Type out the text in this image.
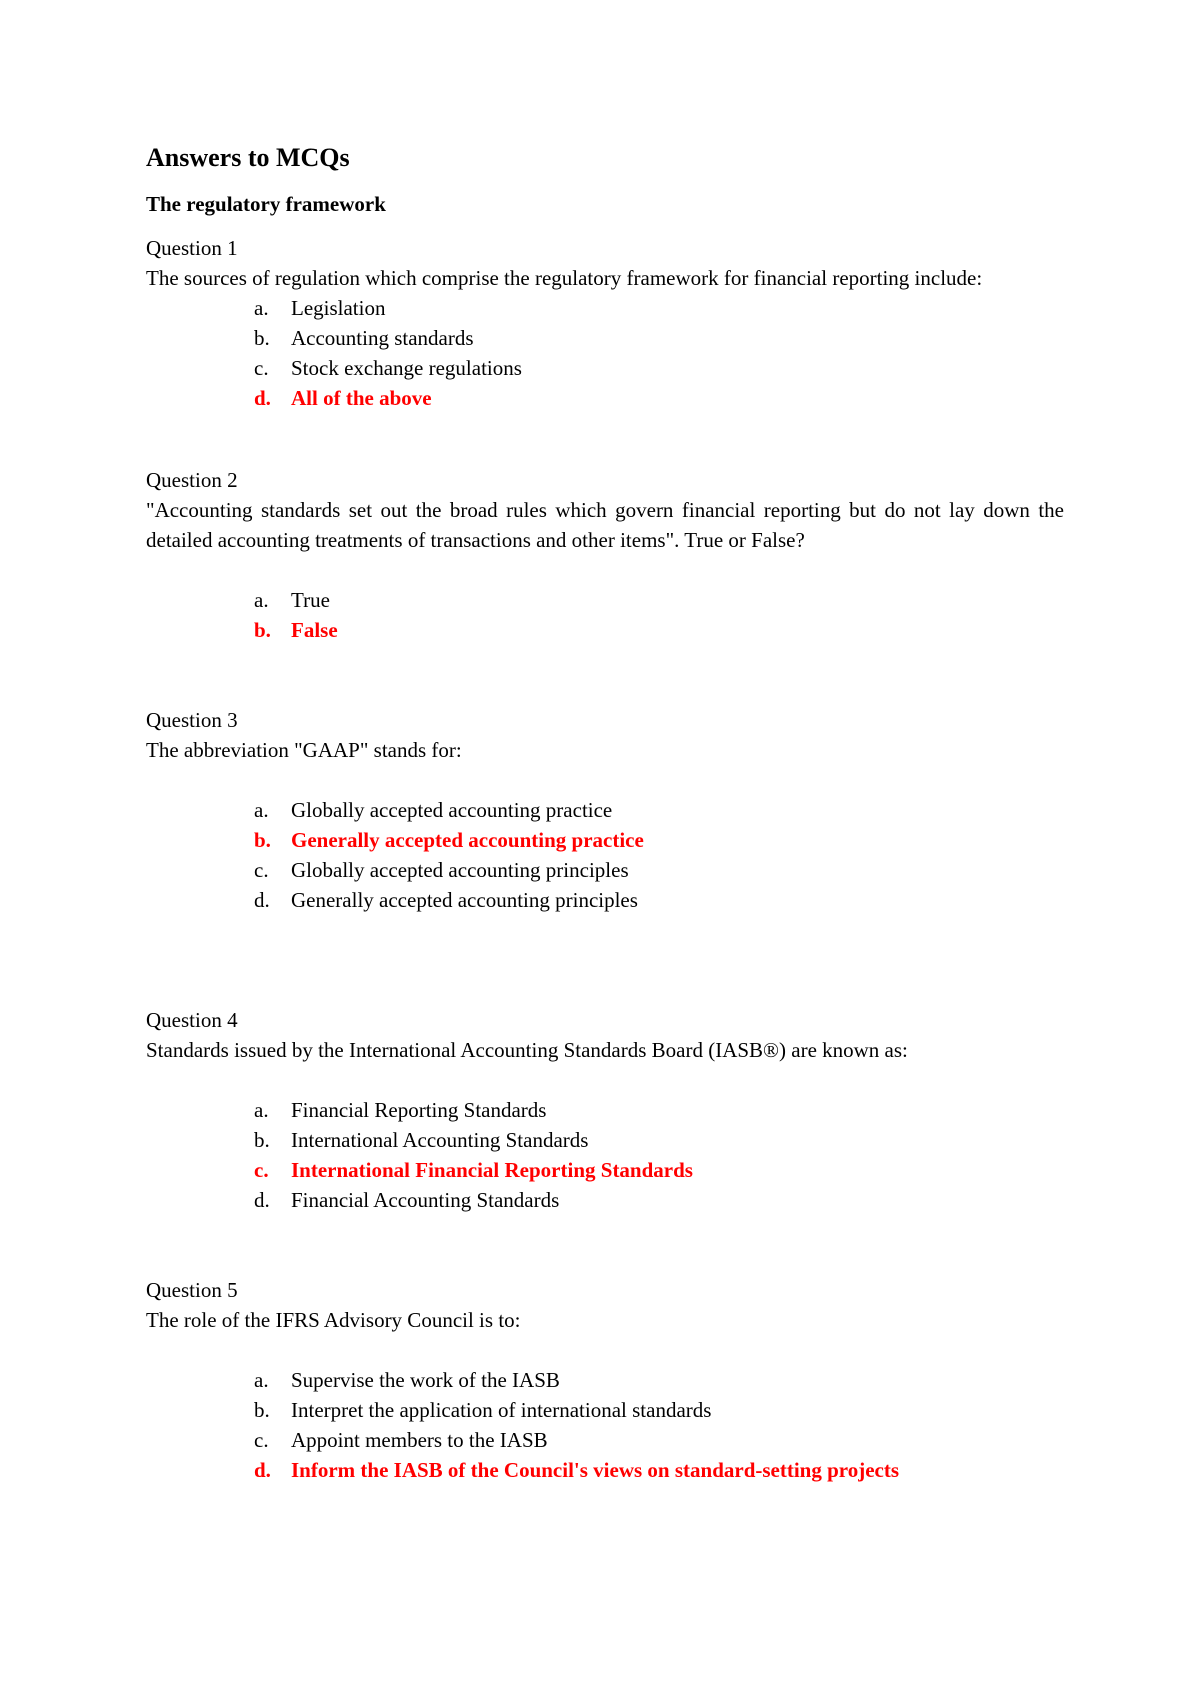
Answers to MCQs
The regulatory framework

Question 1

The sources of regulation which comprise the regulatory framework for financial reporting include:

a.	Legislation
b.	Accounting standards
c.	Stock exchange regulations
d. All of the above

Question 2

"Accounting standards set out the broad rules which govern financial reporting but do not lay down the detailed accounting treatments of transactions and other items". True or False?

a.	True
b. False

Question 3

The abbreviation "GAAP" stands for:

a.	Globally accepted accounting practice
b. Generally accepted accounting practice
c.	Globally accepted accounting principles
d.	Generally accepted accounting principles

Question 4

Standards issued by the International Accounting Standards Board (IASB®) are known as:

a.	Financial Reporting Standards
b.	International Accounting Standards
c.	International Financial Reporting Standards
d.	Financial Accounting Standards

Question 5

The role of the IFRS Advisory Council is to:

a.	Supervise the work of the IASB
b.	Interpret the application of international standards
c.	Appoint members to the IASB
d. Inform the IASB of the Council's views on standard-setting projects
